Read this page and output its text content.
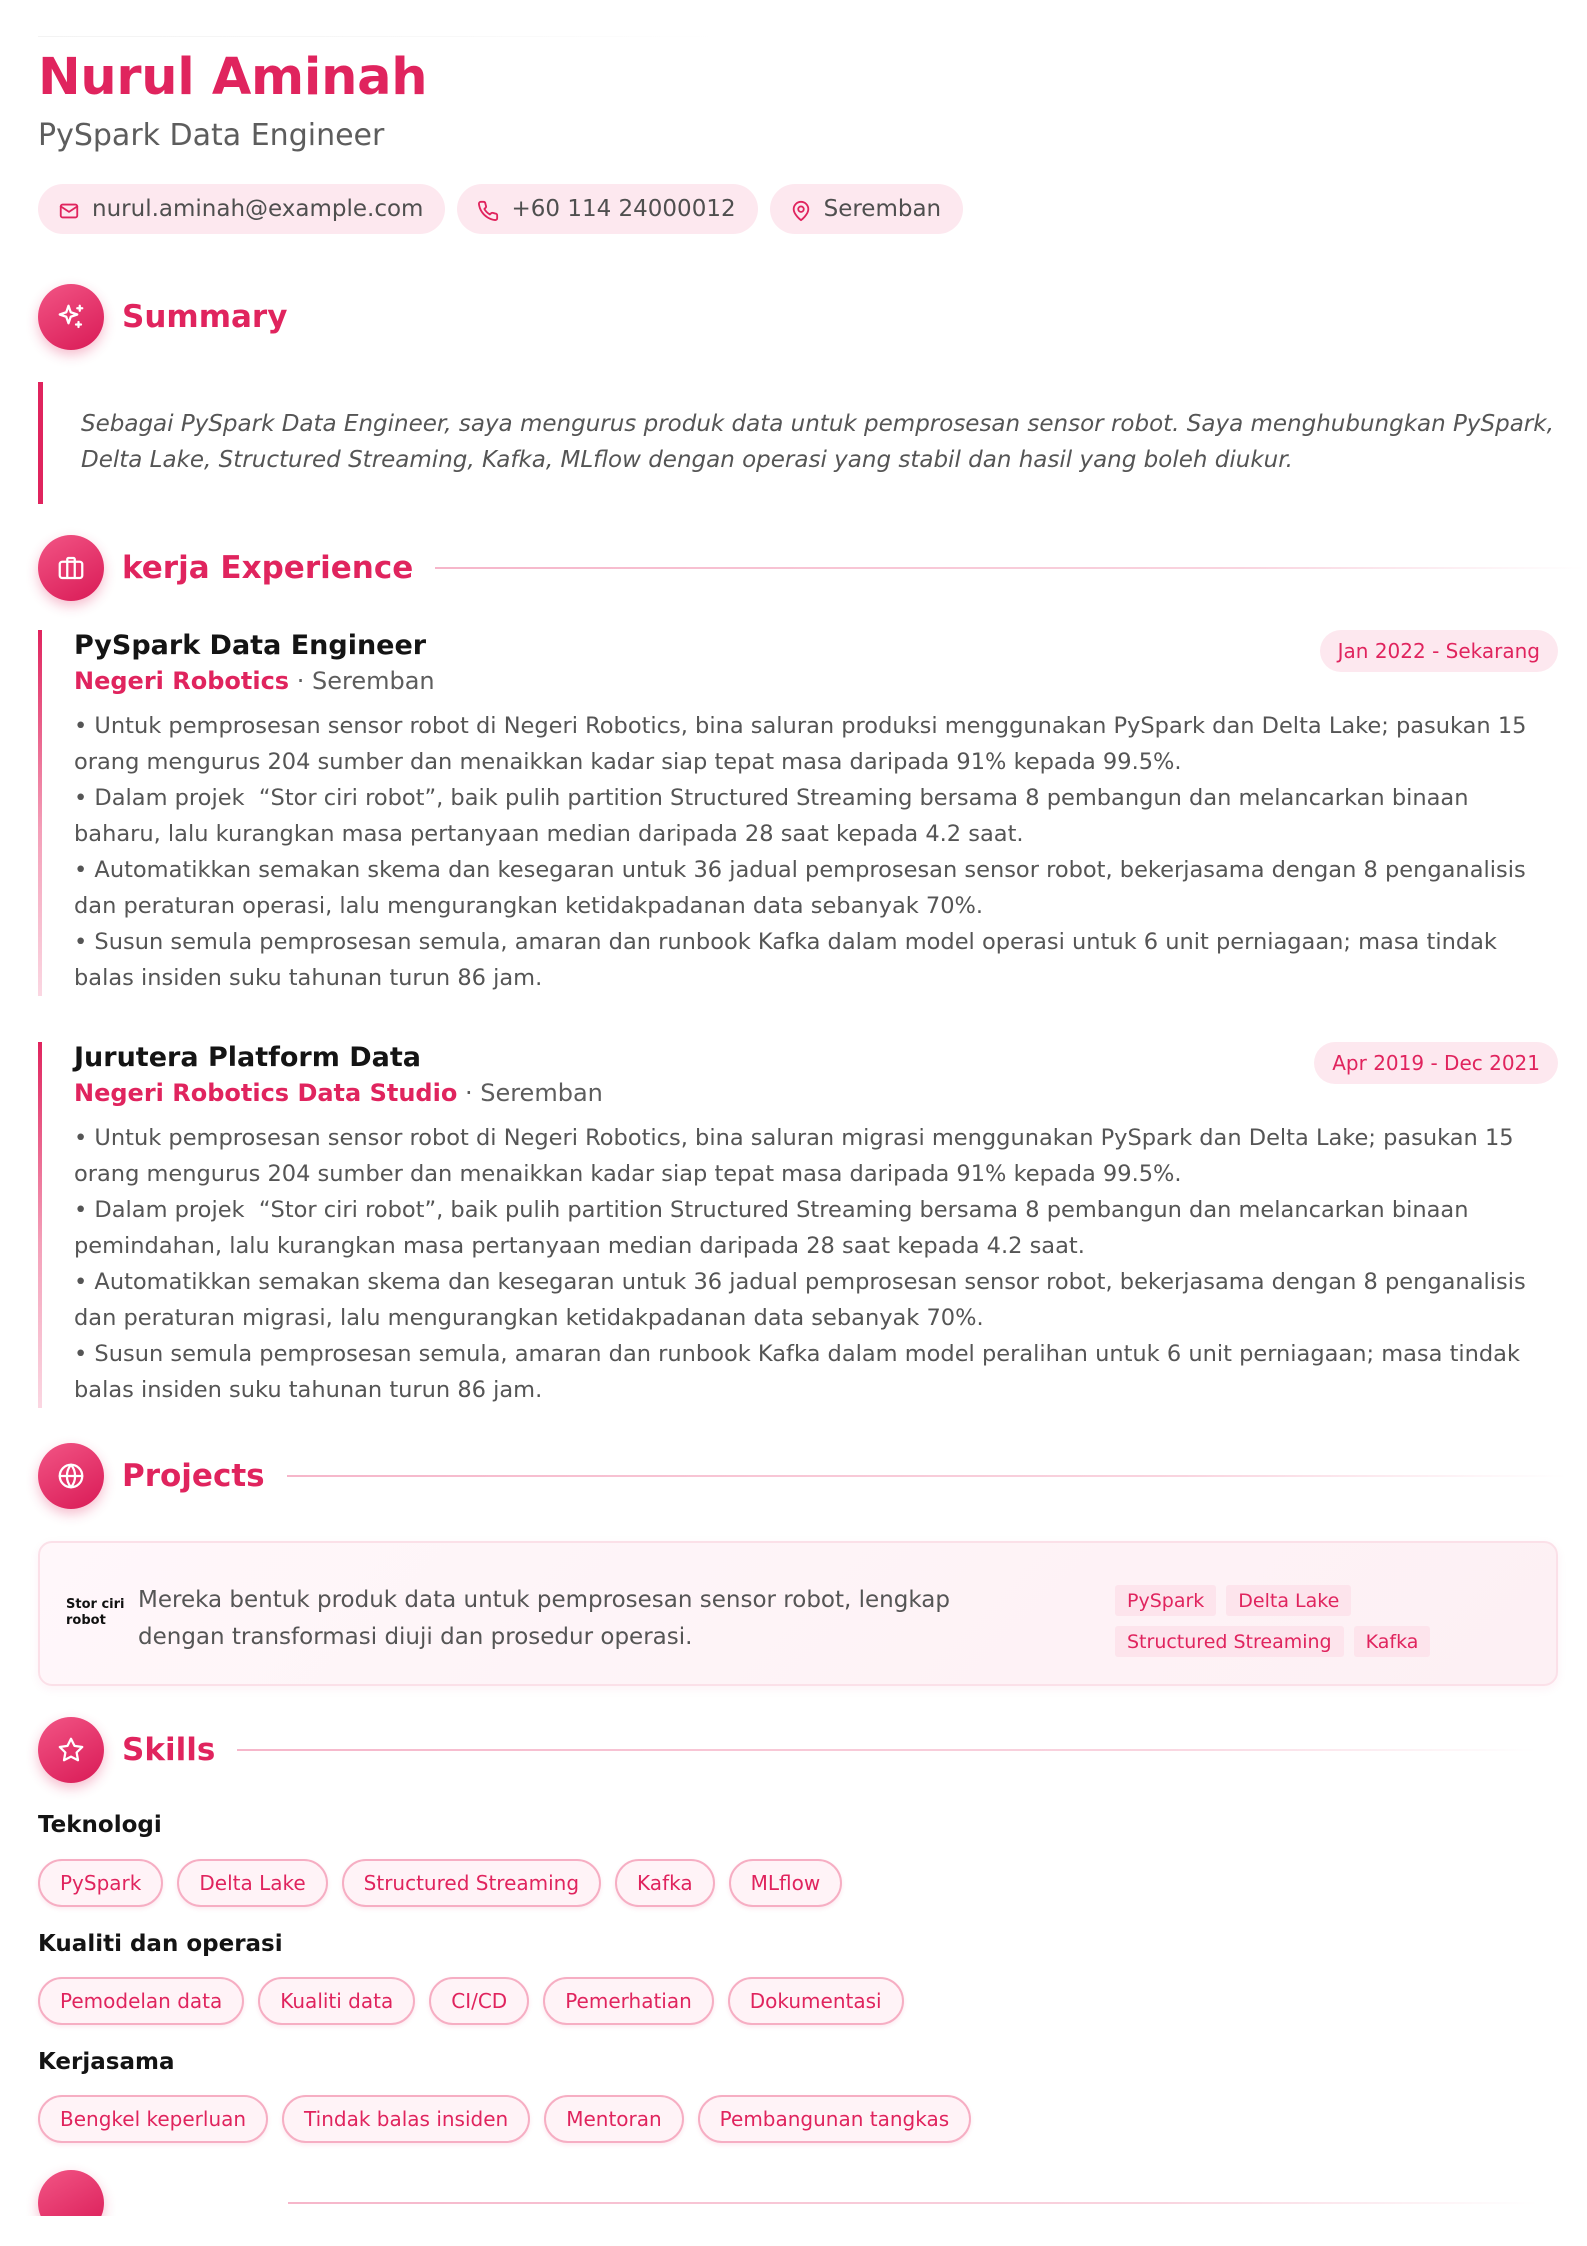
Nurul Aminah
PySpark Data Engineer
nurul.aminah@example.com	+60 114 24000012	Seremban
Summary
Sebagai PySpark Data Engineer, saya mengurus produk data untuk pemprosesan sensor robot. Saya menghubungkan PySpark, Delta Lake, Structured Streaming, Kafka, MLflow dengan operasi yang stabil dan hasil yang boleh diukur.
kerja Experience
PySpark Data Engineer
Negeri Robotics · Seremban
Jan 2022 - Sekarang
• Untuk pemprosesan sensor robot di Negeri Robotics, bina saluran produksi menggunakan PySpark dan Delta Lake; pasukan 15 orang mengurus 204 sumber dan menaikkan kadar siap tepat masa daripada 91% kepada 99.5%.
• Dalam projek  “Stor ciri robot”, baik pulih partition Structured Streaming bersama 8 pembangun dan melancarkan binaan baharu, lalu kurangkan masa pertanyaan median daripada 28 saat kepada 4.2 saat.
• Automatikkan semakan skema dan kesegaran untuk 36 jadual pemprosesan sensor robot, bekerjasama dengan 8 penganalisis dan peraturan operasi, lalu mengurangkan ketidakpadanan data sebanyak 70%.
• Susun semula pemprosesan semula, amaran dan runbook Kafka dalam model operasi untuk 6 unit perniagaan; masa tindak balas insiden suku tahunan turun 86 jam.
Jurutera Platform Data
Negeri Robotics Data Studio · Seremban
Apr 2019 - Dec 2021
• Untuk pemprosesan sensor robot di Negeri Robotics, bina saluran migrasi menggunakan PySpark dan Delta Lake; pasukan 15 orang mengurus 204 sumber dan menaikkan kadar siap tepat masa daripada 91% kepada 99.5%.
• Dalam projek  “Stor ciri robot”, baik pulih partition Structured Streaming bersama 8 pembangun dan melancarkan binaan pemindahan, lalu kurangkan masa pertanyaan median daripada 28 saat kepada 4.2 saat.
• Automatikkan semakan skema dan kesegaran untuk 36 jadual pemprosesan sensor robot, bekerjasama dengan 8 penganalisis dan peraturan migrasi, lalu mengurangkan ketidakpadanan data sebanyak 70%.
• Susun semula pemprosesan semula, amaran dan runbook Kafka dalam model peralihan untuk 6 unit perniagaan; masa tindak balas insiden suku tahunan turun 86 jam.
Projects
Stor ciri robot
Mereka bentuk produk data untuk pemprosesan sensor robot, lengkap dengan transformasi diuji dan prosedur operasi.
PySpark	Delta Lake
Structured Streaming	Kafka
Skills
Teknologi
PySpark	Delta Lake	Structured Streaming	Kafka	MLflow
Kualiti dan operasi
Pemodelan data	Kualiti data	CI/CD	Pemerhatian	Dokumentasi
Kerjasama
Bengkel keperluan	Tindak balas insiden	Mentoran	Pembangunan tangkas
